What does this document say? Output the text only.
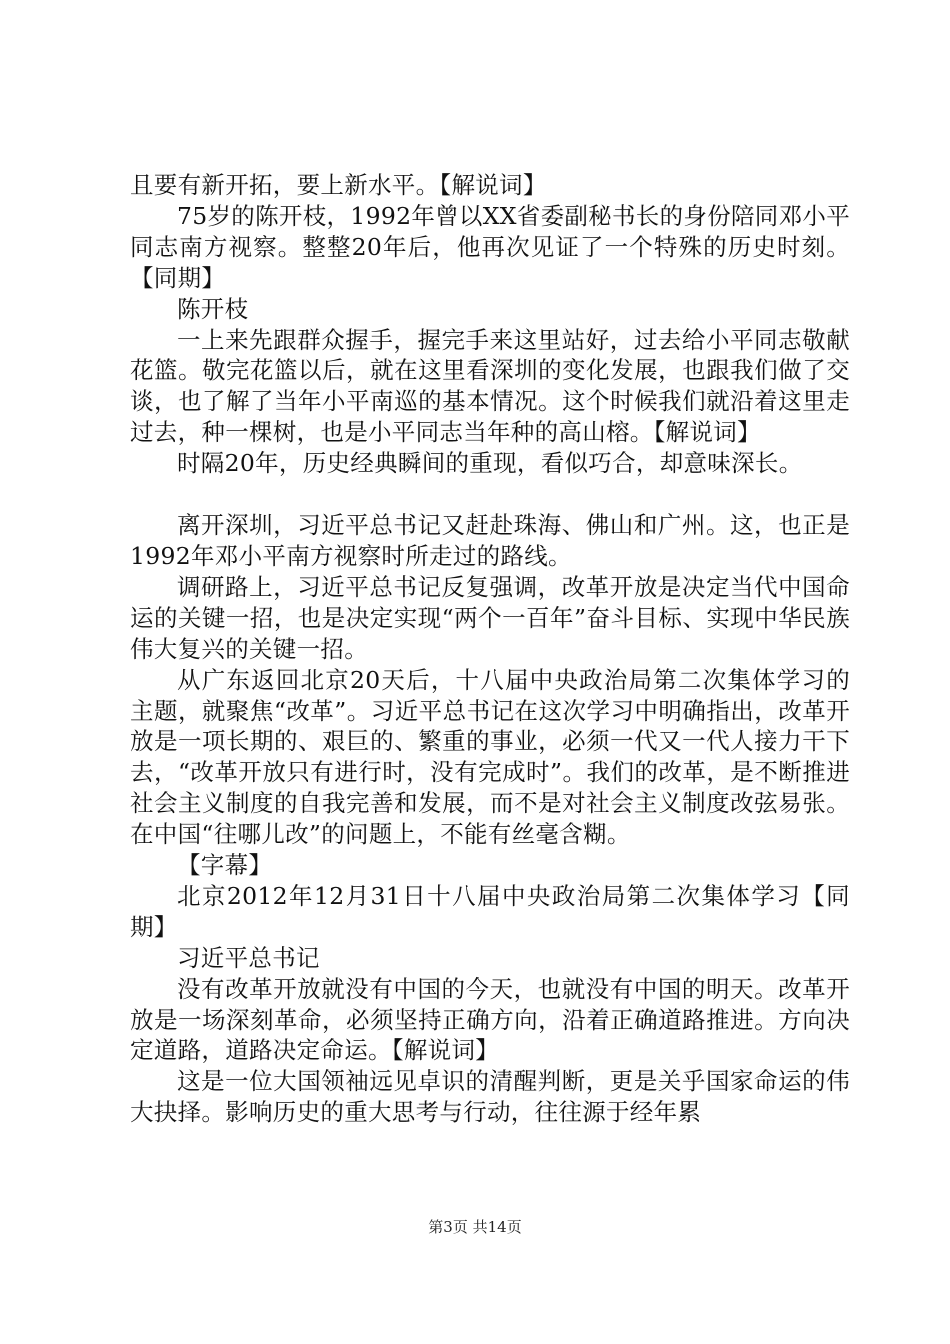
且要有新开拓，要上新水平。【解说词】

75岁的陈开枝，1992年曾以XX省委副秘书长的身份陪同邓小平同志南方视察。整整20年后，他再次见证了一个特殊的历史时刻。【同期】

陈开枝

一上来先跟群众握手，握完手来这里站好，过去给小平同志敬献花篮。敬完花篮以后，就在这里看深圳的变化发展，也跟我们做了交谈，也了解了当年小平南巡的基本情况。这个时候我们就沿着这里走过去，种一棵树，也是小平同志当年种的高山榕。【解说词】

时隔20年，历史经典瞬间的重现，看似巧合，却意味深长。

离开深圳，习近平总书记又赶赴珠海、佛山和广州。这，也正是1992年邓小平南方视察时所走过的路线。

调研路上，习近平总书记反复强调，改革开放是决定当代中国命运的关键一招，也是决定实现“两个一百年”奋斗目标、实现中华民族伟大复兴的关键一招。

从广东返回北京20天后，十八届中央政治局第二次集体学习的主题，就聚焦“改革”。习近平总书记在这次学习中明确指出，改革开放是一项长期的、艰巨的、繁重的事业，必须一代又一代人接力干下去，“改革开放只有进行时，没有完成时”。我们的改革，是不断推进社会主义制度的自我完善和发展，而不是对社会主义制度改弦易张。在中国“往哪儿改”的问题上，不能有丝毫含糊。

【字幕】

北京2012年12月31日十八届中央政治局第二次集体学习【同期】

习近平总书记

没有改革开放就没有中国的今天，也就没有中国的明天。改革开放是一场深刻革命，必须坚持正确方向，沿着正确道路推进。方向决定道路，道路决定命运。【解说词】

这是一位大国领袖远见卓识的清醒判断，更是关乎国家命运的伟大抉择。影响历史的重大思考与行动，往往源于经年累

第3页 共14页
